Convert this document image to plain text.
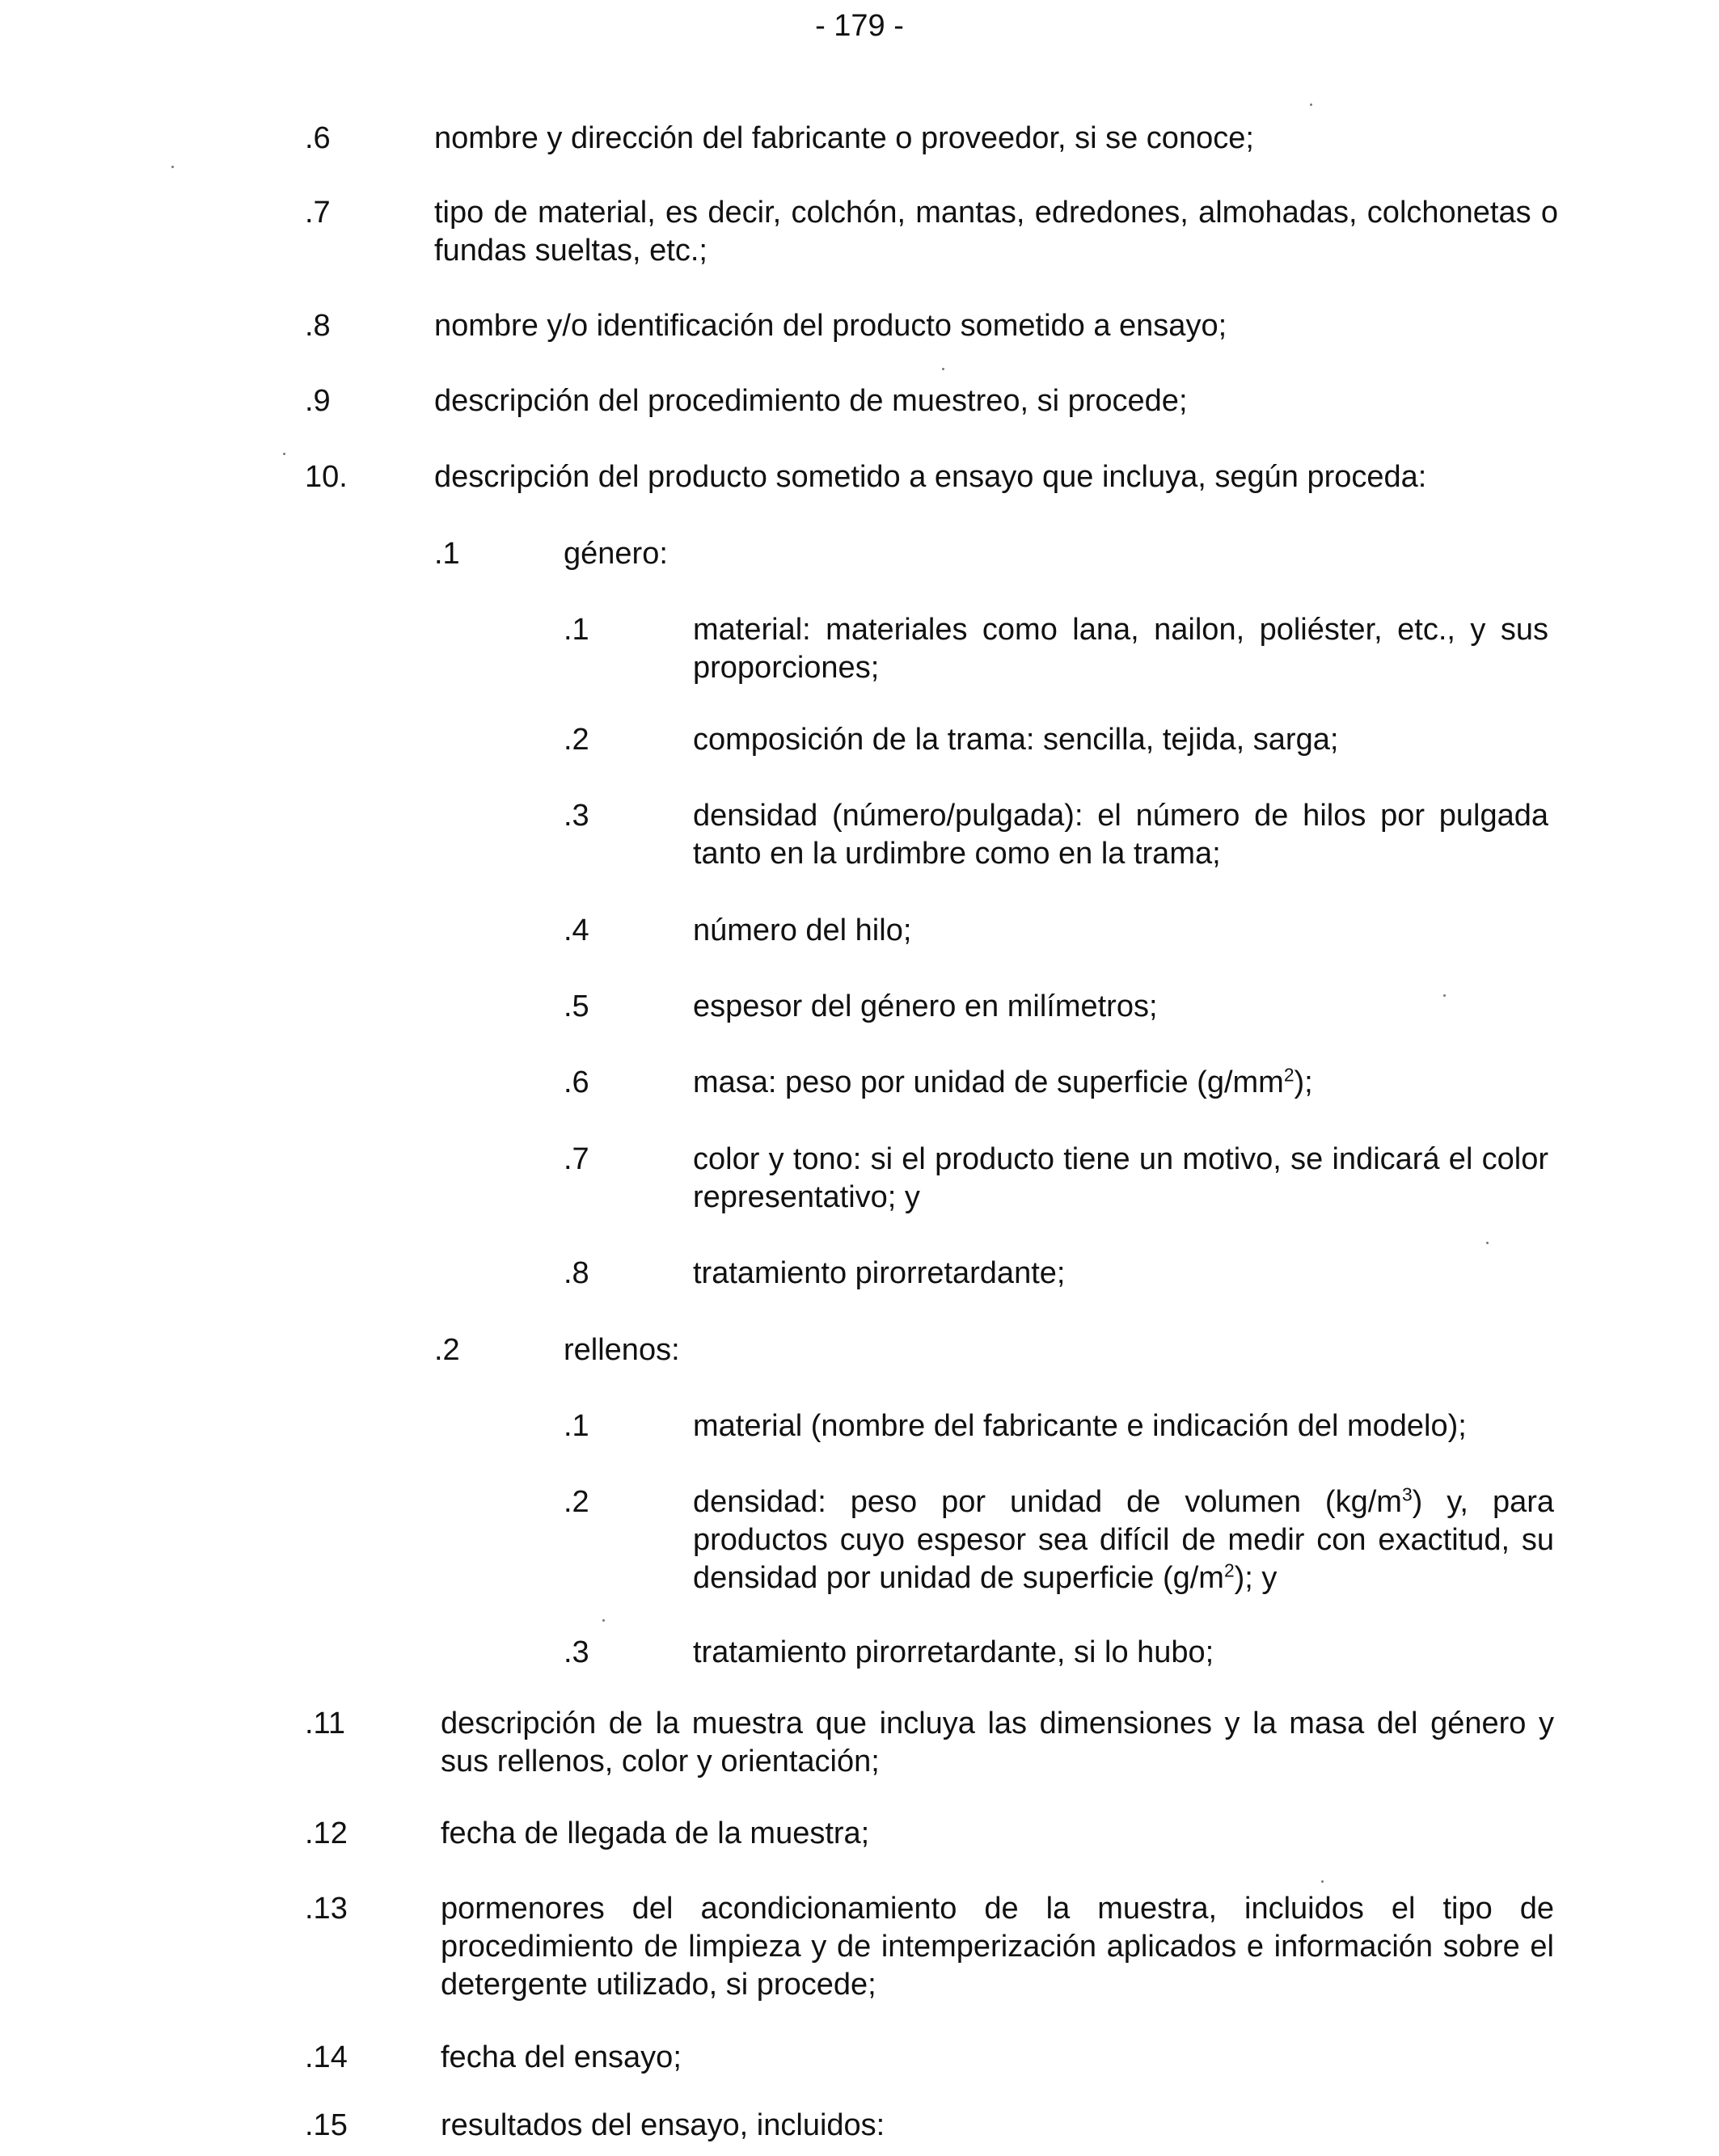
- 179 -
.6	nombre y dirección del fabricante o proveedor, si se conoce;
.7	tipo de material, es decir, colchón, mantas, edredones, almohadas, colchonetas o fundas sueltas, etc.;
.8	nombre y/o identificación del producto sometido a ensayo;
.9	descripción del procedimiento de muestreo, si procede;
10.	descripción del producto sometido a ensayo que incluya, según proceda:
.1	género:
.1	material: materiales como lana, nailon, poliéster, etc., y sus proporciones;
.2	composición de la trama: sencilla, tejida, sarga;
.3	densidad (número/pulgada): el número de hilos por pulgada tanto en la urdimbre como en la trama;
.4	número del hilo;
.5	espesor del género en milímetros;
.6	masa: peso por unidad de superficie $(g/mm^2)$;
.7	color y tono: si el producto tiene un motivo, se indicará el color representativo; y
.8	tratamiento pirorretardante;
.2	rellenos:
.1	material (nombre del fabricante e indicación del modelo);
.2	densidad: peso por unidad de volumen $(kg/m^3)$ y, para productos cuyo espesor sea difícil de medir con exactitud, su densidad por unidad de superficie $(g/m^2)$; y
.3	tratamiento pirorretardante, si lo hubo;
.11	descripción de la muestra que incluya las dimensiones y la masa del género y sus rellenos, color y orientación;
.12	fecha de llegada de la muestra;
.13	pormenores del acondicionamiento de la muestra, incluidos el tipo de procedimiento de limpieza y de intemperización aplicados e información sobre el detergente utilizado, si procede;
.14	fecha del ensayo;
.15	resultados del ensayo, incluidos:
